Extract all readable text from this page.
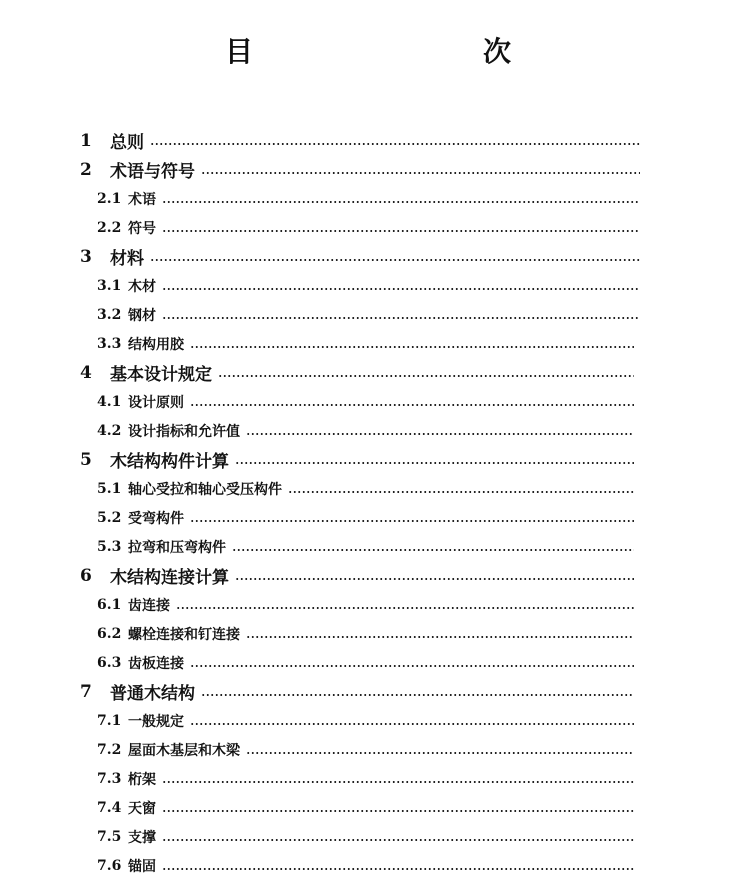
目　　次
1 总则
2 术语与符号
2.1 术语
2.2 符号
3 材料
3.1 木材
3.2 钢材
3.3 结构用胶
4 基本设计规定
4.1 设计原则
4.2 设计指标和允许值
5 木结构构件计算
5.1 轴心受拉和轴心受压构件
5.2 受弯构件
5.3 拉弯和压弯构件
6 木结构连接计算
6.1 齿连接
6.2 螺栓连接和钉连接
6.3 齿板连接
7 普通木结构
7.1 一般规定
7.2 屋面木基层和木梁
7.3 桁架
7.4 天窗
7.5 支撑
7.6 锚固
